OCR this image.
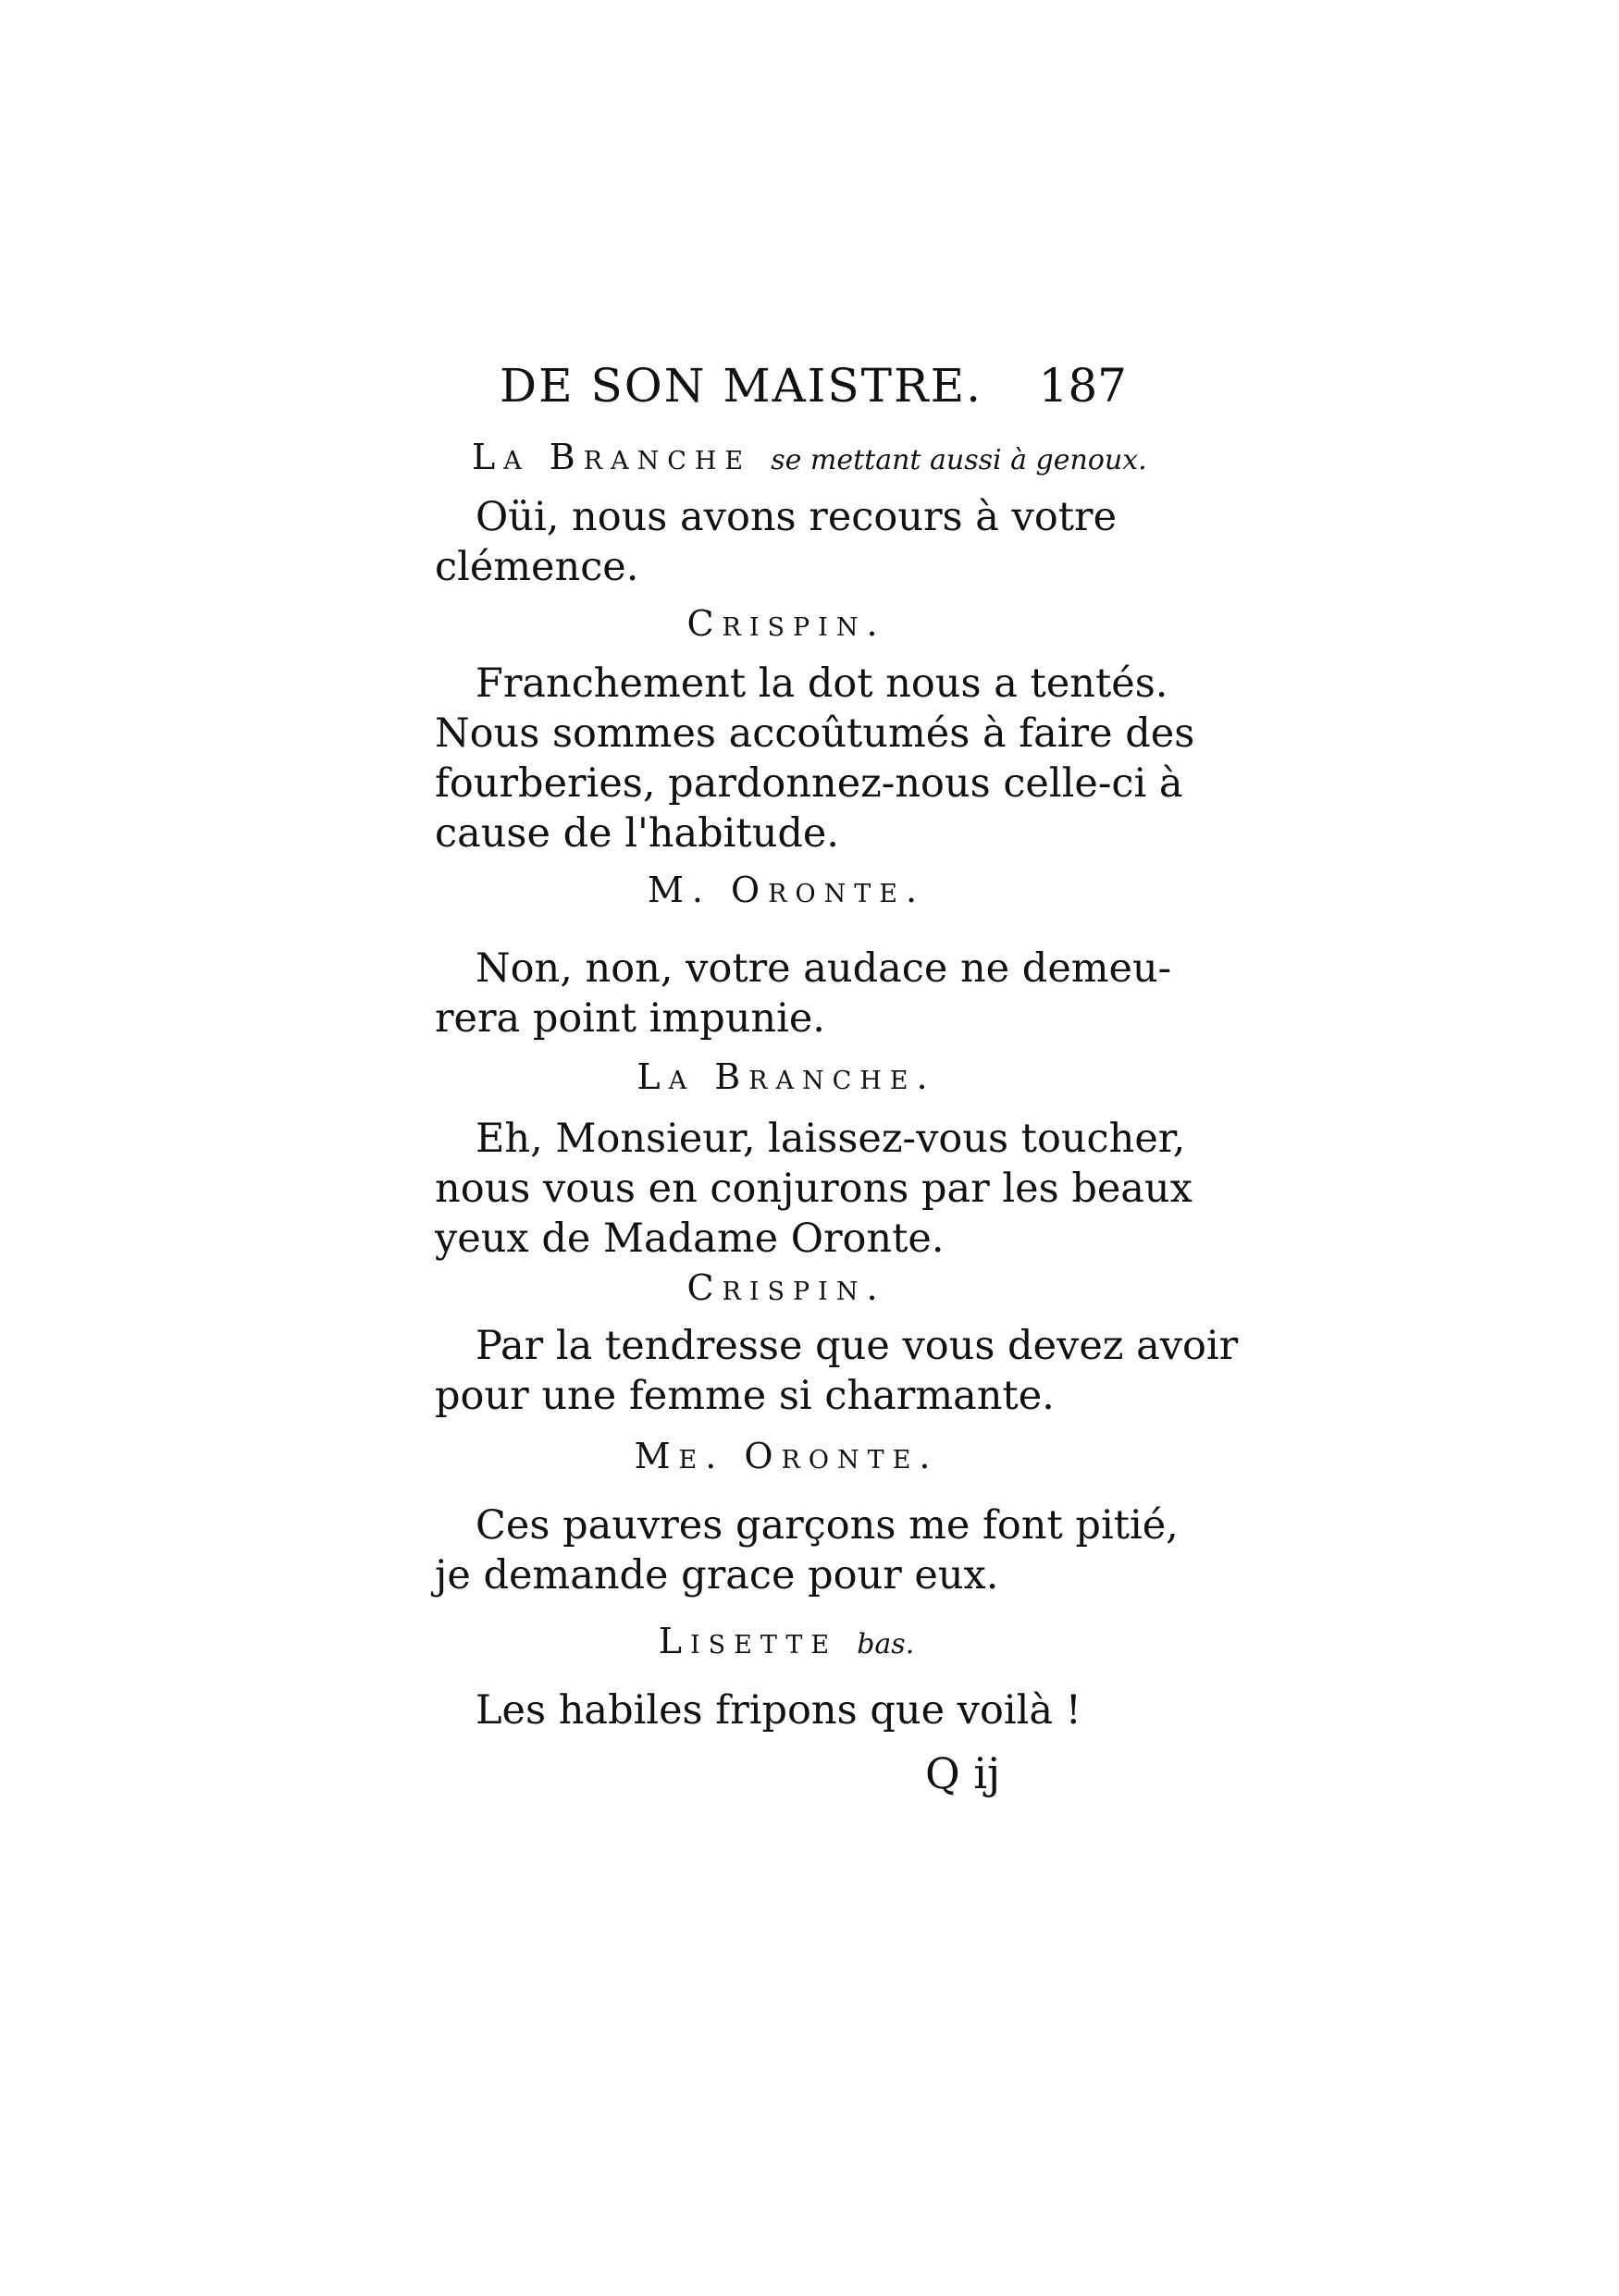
DE SON MAISTRE. 187
La Branche se mettant aussi à genoux.
Oüi, nous avons recours à votre
clémence.
Crispin.
Franchement la dot nous a tentés.
Nous sommes accoûtumés à faire des
fourberies, pardonnez-nous celle-ci à
cause de l'habitude.
M. Oronte.
Non, non, votre audace ne demeu-
rera point impunie.
La Branche.
Eh, Monsieur, laissez-vous toucher,
nous vous en conjurons par les beaux
yeux de Madame Oronte.
Crispin.
Par la tendresse que vous devez avoir
pour une femme si charmante.
Me. Oronte.
Ces pauvres garçons me font pitié,
je demande grace pour eux.
Lisette bas.
Les habiles fripons que voilà !
Q ij
